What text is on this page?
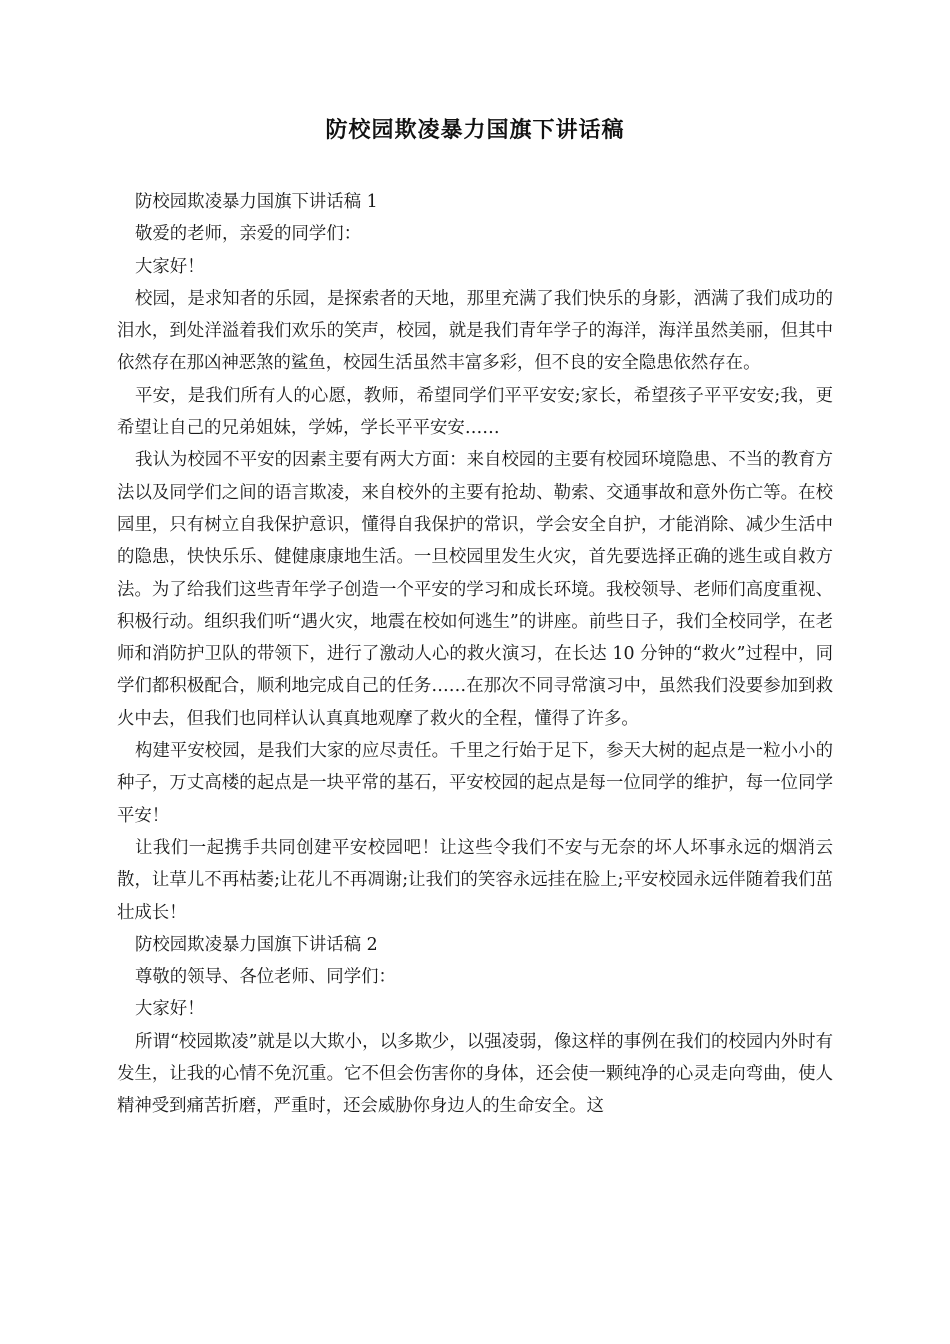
防校园欺凌暴力国旗下讲话稿

防校园欺凌暴力国旗下讲话稿 1

敬爱的老师，亲爱的同学们：

大家好！

校园，是求知者的乐园，是探索者的天地，那里充满了我们快乐的身影，洒满了我们成功的泪水，到处洋溢着我们欢乐的笑声，校园，就是我们青年学子的海洋，海洋虽然美丽，但其中依然存在那凶神恶煞的鲨鱼，校园生活虽然丰富多彩，但不良的安全隐患依然存在。

平安，是我们所有人的心愿，教师，希望同学们平平安安;家长，希望孩子平平安安;我，更希望让自己的兄弟姐妹，学姊，学长平平安安……

我认为校园不平安的因素主要有两大方面：来自校园的主要有校园环境隐患、不当的教育方法以及同学们之间的语言欺凌，来自校外的主要有抢劫、勒索、交通事故和意外伤亡等。在校园里，只有树立自我保护意识，懂得自我保护的常识，学会安全自护，才能消除、减少生活中的隐患，快快乐乐、健健康康地生活。一旦校园里发生火灾，首先要选择正确的逃生或自救方法。为了给我们这些青年学子创造一个平安的学习和成长环境。我校领导、老师们高度重视、积极行动。组织我们听“遇火灾，地震在校如何逃生”的讲座。前些日子，我们全校同学，在老师和消防护卫队的带领下，进行了激动人心的救火演习，在长达 10 分钟的“救火”过程中，同学们都积极配合，顺利地完成自己的任务……在那次不同寻常演习中，虽然我们没要参加到救火中去，但我们也同样认认真真地观摩了救火的全程，懂得了许多。

构建平安校园，是我们大家的应尽责任。千里之行始于足下，参天大树的起点是一粒小小的种子，万丈高楼的起点是一块平常的基石，平安校园的起点是每一位同学的维护，每一位同学平安！

让我们一起携手共同创建平安校园吧！让这些令我们不安与无奈的坏人坏事永远的烟消云散，让草儿不再枯萎;让花儿不再凋谢;让我们的笑容永远挂在脸上;平安校园永远伴随着我们茁壮成长！

防校园欺凌暴力国旗下讲话稿 2

尊敬的领导、各位老师、同学们：

大家好！

所谓“校园欺凌”就是以大欺小，以多欺少，以强凌弱，像这样的事例在我们的校园内外时有发生，让我的心情不免沉重。它不但会伤害你的身体，还会使一颗纯净的心灵走向弯曲，使人精神受到痛苦折磨，严重时，还会威胁你身边人的生命安全。这
